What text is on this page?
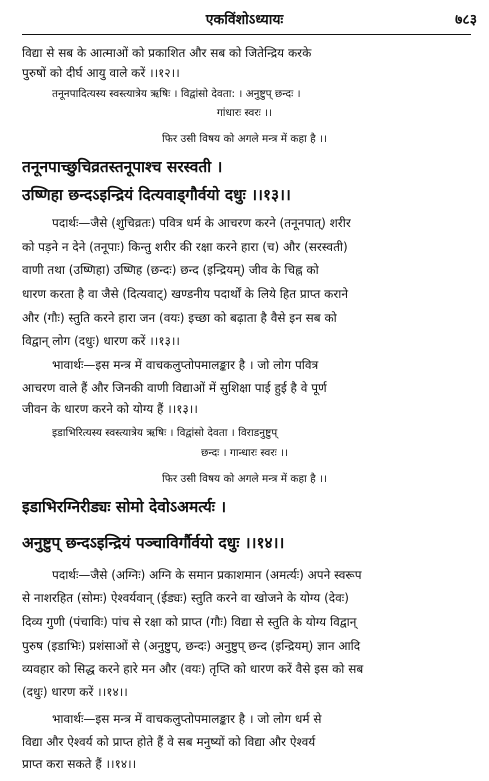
एकविंशोऽध्यायः	७८३
विद्या से सब के आत्माओं को प्रकाशित और सब को जितेन्द्रिय करके
पुरुषों को दीर्घ आयु वाले करें ।।१२।।
तनूनपादित्यस्य स्वस्त्यात्रेय ऋषिः । विद्वांसो देवता: । अनुष्टुप् छन्दः ।
गांधारः स्वरः ।।
फिर उसी विषय को अगले मन्त्र में कहा है ।।
तनूनपाच्छुचिव्रतस्तनूपाश्च सरस्वती ।
उष्णिहा छन्दऽइन्द्रियं दित्यवाड्गौर्वयो दधुः ।।१३।।
पदार्थः—जैसे (शुचिव्रतः) पवित्र धर्म के आचरण करने (तनूनपात्) शरीर
को पड़ने न देने (तनूपाः) किन्तु शरीर की रक्षा करने हारा (च) और (सरस्वती)
वाणी तथा (उष्णिहा) उष्णिह (छन्दः) छन्द (इन्द्रियम्) जीव के चिह्न को
धारण करता है वा जैसे (दित्यवाट्) खण्डनीय पदार्थों के लिये हित प्राप्त कराने
और (गौः) स्तुति करने हारा जन (वयः) इच्छा को बढ़ाता है वैसे इन सब को
विद्वान् लोग (दधुः) धारण करें ।।१३।।
भावार्थः—इस मन्त्र में वाचकलुप्तोपमालङ्कार है । जो लोग पवित्र
आचरण वाले हैं और जिनकी वाणी विद्याओं में सुशिक्षा पाई हुई है वे पूर्ण
जीवन के धारण करने को योग्य हैं ।।१३।।
इडाभिरित्यस्य स्वस्त्यात्रेय ऋषिः । विद्वांसो देवता । विराडनुष्टुप्
छन्दः । गान्धारः स्वरः ।।
फिर उसी विषय को अगले मन्त्र में कहा है ।।
इडाभिरग्निरीड्यः सोमो देवोऽअमर्त्यः ।
अनुष्टुप् छन्दऽइन्द्रियं पञ्चाविर्गौर्वयो दधुः ।।१४।।
पदार्थः—जैसे (अग्निः) अग्नि के समान प्रकाशमान (अमर्त्यः) अपने स्वरूप
से नाशरहित (सोमः) ऐश्वर्यवान् (ईड्यः) स्तुति करने वा खोजने के योग्य (देवः)
दिव्य गुणी (पंचाविः) पांच से रक्षा को प्राप्त (गौः) विद्या से स्तुति के योग्य विद्वान्
पुरुष (इडाभिः) प्रशंसाओं से (अनुष्टुप्, छन्दः) अनुष्टुप् छन्द (इन्द्रियम्) ज्ञान आदि
व्यवहार को सिद्ध करने हारे मन और (वयः) तृप्ति को धारण करें वैसे इस को सब
(दधुः) धारण करें ।।१४।।
भावार्थः—इस मन्त्र में वाचकलुप्तोपमालङ्कार है । जो लोग धर्म से
विद्या और ऐश्वर्य को प्राप्त होते हैं वे सब मनुष्यों को विद्या और ऐश्वर्य
प्राप्त करा सकते हैं ।।१४।।
